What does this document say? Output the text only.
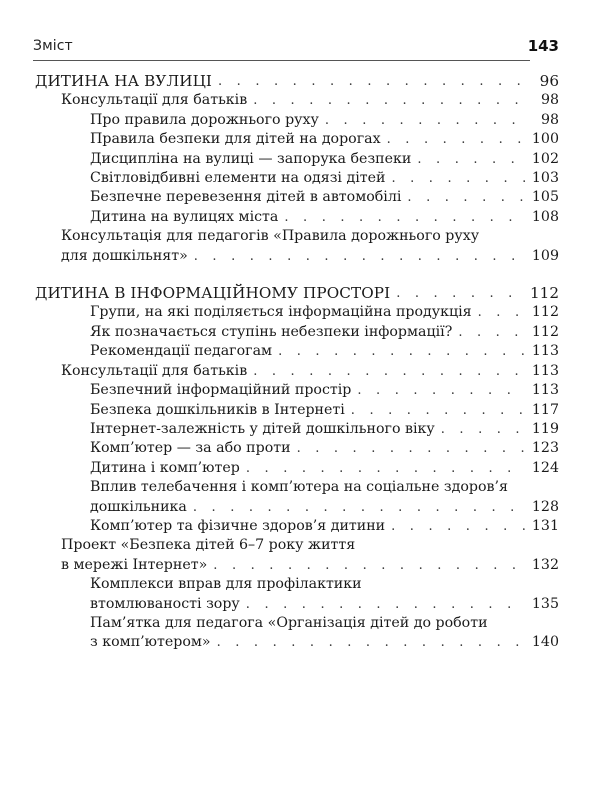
Зміст	143
ДИТИНА НА ВУЛИЦІ . . .	96
Консультації для батьків . . .	98
Про правила дорожнього руху . . .	98
Правила безпеки для дітей на дорогах . . .	100
Дисципліна на вулиці — запорука безпеки . . .	102
Світловідбивні елементи на одязі дітей . . .	103
Безпечне перевезення дітей в автомобілі . . .	105
Дитина на вулицях міста . . .	108
Консультація для педагогів «Правила дорожнього руху
для дошкільнят» . . .	109
ДИТИНА В ІНФОРМАЦІЙНОМУ ПРОСТОРІ . . .	112
Групи, на які поділяється інформаційна продукція . . .	112
Як позначається ступінь небезпеки інформації? . . .	112
Рекомендації педагогам . . .	113
Консультації для батьків . . .	113
Безпечний інформаційний простір . . .	113
Безпека дошкільників в Інтернеті . . .	117
Інтернет-залежність у дітей дошкільного віку . . .	119
Комп’ютер — за або проти . . .	123
Дитина і комп’ютер . . .	124
Вплив телебачення і комп’ютера на соціальне здоров’я
дошкільника . . .	128
Комп’ютер та фізичне здоров’я дитини . . .	131
Проект «Безпека дітей 6–7 року життя
в мережі Інтернет» . . .	132
Комплекси вправ для профілактики
втомлюваності зору . . .	135
Пам’ятка для педагога «Організація дітей до роботи
з комп’ютером» . . .	140
